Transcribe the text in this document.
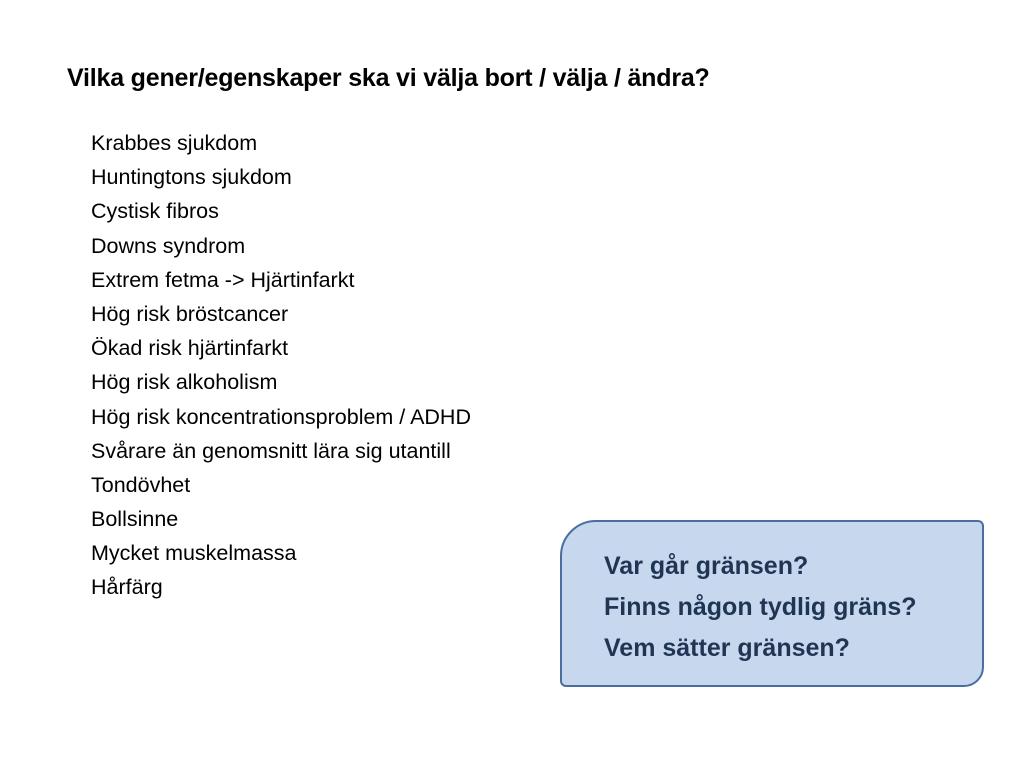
Vilka gener/egenskaper ska vi välja bort / välja / ändra?
Krabbes sjukdom
Huntingtons sjukdom
Cystisk fibros
Downs syndrom
Extrem fetma -> Hjärtinfarkt
Hög risk bröstcancer
Ökad risk hjärtinfarkt
Hög risk alkoholism
Hög risk koncentrationsproblem / ADHD
Svårare än genomsnitt lära sig utantill
Tondövhet
Bollsinne
Mycket muskelmassa
Hårfärg
Var går gränsen?
Finns någon tydlig gräns?
Vem sätter gränsen?
